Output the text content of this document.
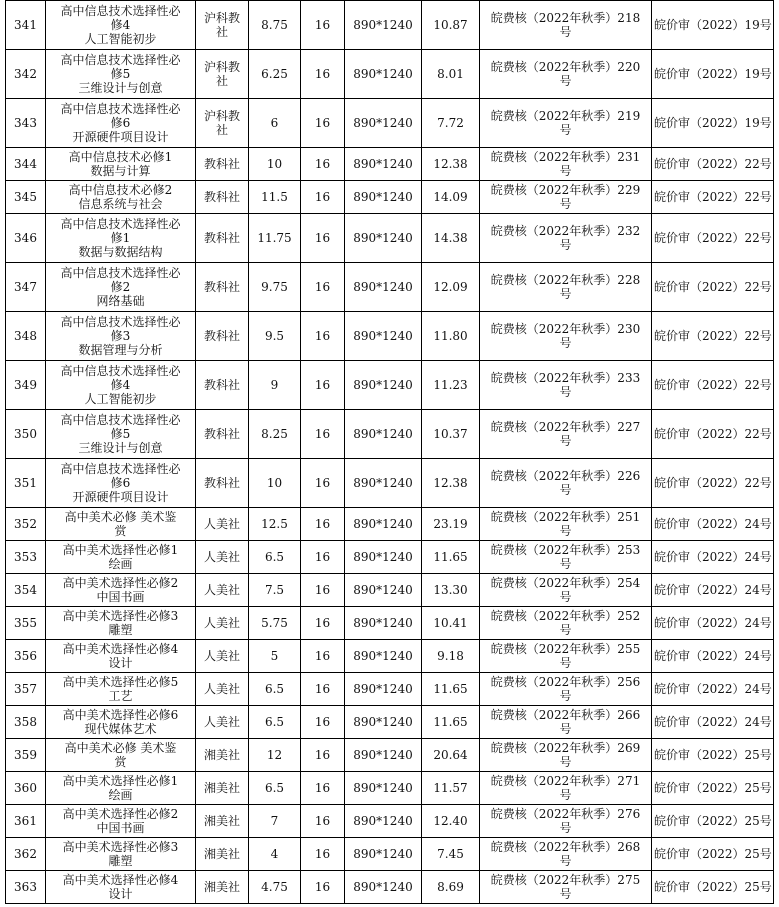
341	高中信息技术选择性必
修4
人工智能初步	沪科教
社	8.75	16	890*1240	10.87	皖费核（2022年秋季）218
号	皖价审（2022）19号
342	高中信息技术选择性必
修5
三维设计与创意	沪科教
社	6.25	16	890*1240	8.01	皖费核（2022年秋季）220
号	皖价审（2022）19号
343	高中信息技术选择性必
修6
开源硬件项目设计	沪科教
社	6	16	890*1240	7.72	皖费核（2022年秋季）219
号	皖价审（2022）19号
344	高中信息技术必修1
数据与计算	教科社	10	16	890*1240	12.38	皖费核（2022年秋季）231
号	皖价审（2022）22号
345	高中信息技术必修2
信息系统与社会	教科社	11.5	16	890*1240	14.09	皖费核（2022年秋季）229
号	皖价审（2022）22号
346	高中信息技术选择性必
修1
数据与数据结构	教科社	11.75	16	890*1240	14.38	皖费核（2022年秋季）232
号	皖价审（2022）22号
347	高中信息技术选择性必
修2
网络基础	教科社	9.75	16	890*1240	12.09	皖费核（2022年秋季）228
号	皖价审（2022）22号
348	高中信息技术选择性必
修3
数据管理与分析	教科社	9.5	16	890*1240	11.80	皖费核（2022年秋季）230
号	皖价审（2022）22号
349	高中信息技术选择性必
修4
人工智能初步	教科社	9	16	890*1240	11.23	皖费核（2022年秋季）233
号	皖价审（2022）22号
350	高中信息技术选择性必
修5
三维设计与创意	教科社	8.25	16	890*1240	10.37	皖费核（2022年秋季）227
号	皖价审（2022）22号
351	高中信息技术选择性必
修6
开源硬件项目设计	教科社	10	16	890*1240	12.38	皖费核（2022年秋季）226
号	皖价审（2022）22号
352	高中美术必修 美术鉴
赏	人美社	12.5	16	890*1240	23.19	皖费核（2022年秋季）251
号	皖价审（2022）24号
353	高中美术选择性必修1
绘画	人美社	6.5	16	890*1240	11.65	皖费核（2022年秋季）253
号	皖价审（2022）24号
354	高中美术选择性必修2
中国书画	人美社	7.5	16	890*1240	13.30	皖费核（2022年秋季）254
号	皖价审（2022）24号
355	高中美术选择性必修3
雕塑	人美社	5.75	16	890*1240	10.41	皖费核（2022年秋季）252
号	皖价审（2022）24号
356	高中美术选择性必修4
设计	人美社	5	16	890*1240	9.18	皖费核（2022年秋季）255
号	皖价审（2022）24号
357	高中美术选择性必修5
工艺	人美社	6.5	16	890*1240	11.65	皖费核（2022年秋季）256
号	皖价审（2022）24号
358	高中美术选择性必修6
现代媒体艺术	人美社	6.5	16	890*1240	11.65	皖费核（2022年秋季）266
号	皖价审（2022）24号
359	高中美术必修 美术鉴
赏	湘美社	12	16	890*1240	20.64	皖费核（2022年秋季）269
号	皖价审（2022）25号
360	高中美术选择性必修1
绘画	湘美社	6.5	16	890*1240	11.57	皖费核（2022年秋季）271
号	皖价审（2022）25号
361	高中美术选择性必修2
中国书画	湘美社	7	16	890*1240	12.40	皖费核（2022年秋季）276
号	皖价审（2022）25号
362	高中美术选择性必修3
雕塑	湘美社	4	16	890*1240	7.45	皖费核（2022年秋季）268
号	皖价审（2022）25号
363	高中美术选择性必修4
设计	湘美社	4.75	16	890*1240	8.69	皖费核（2022年秋季）275
号	皖价审（2022）25号
